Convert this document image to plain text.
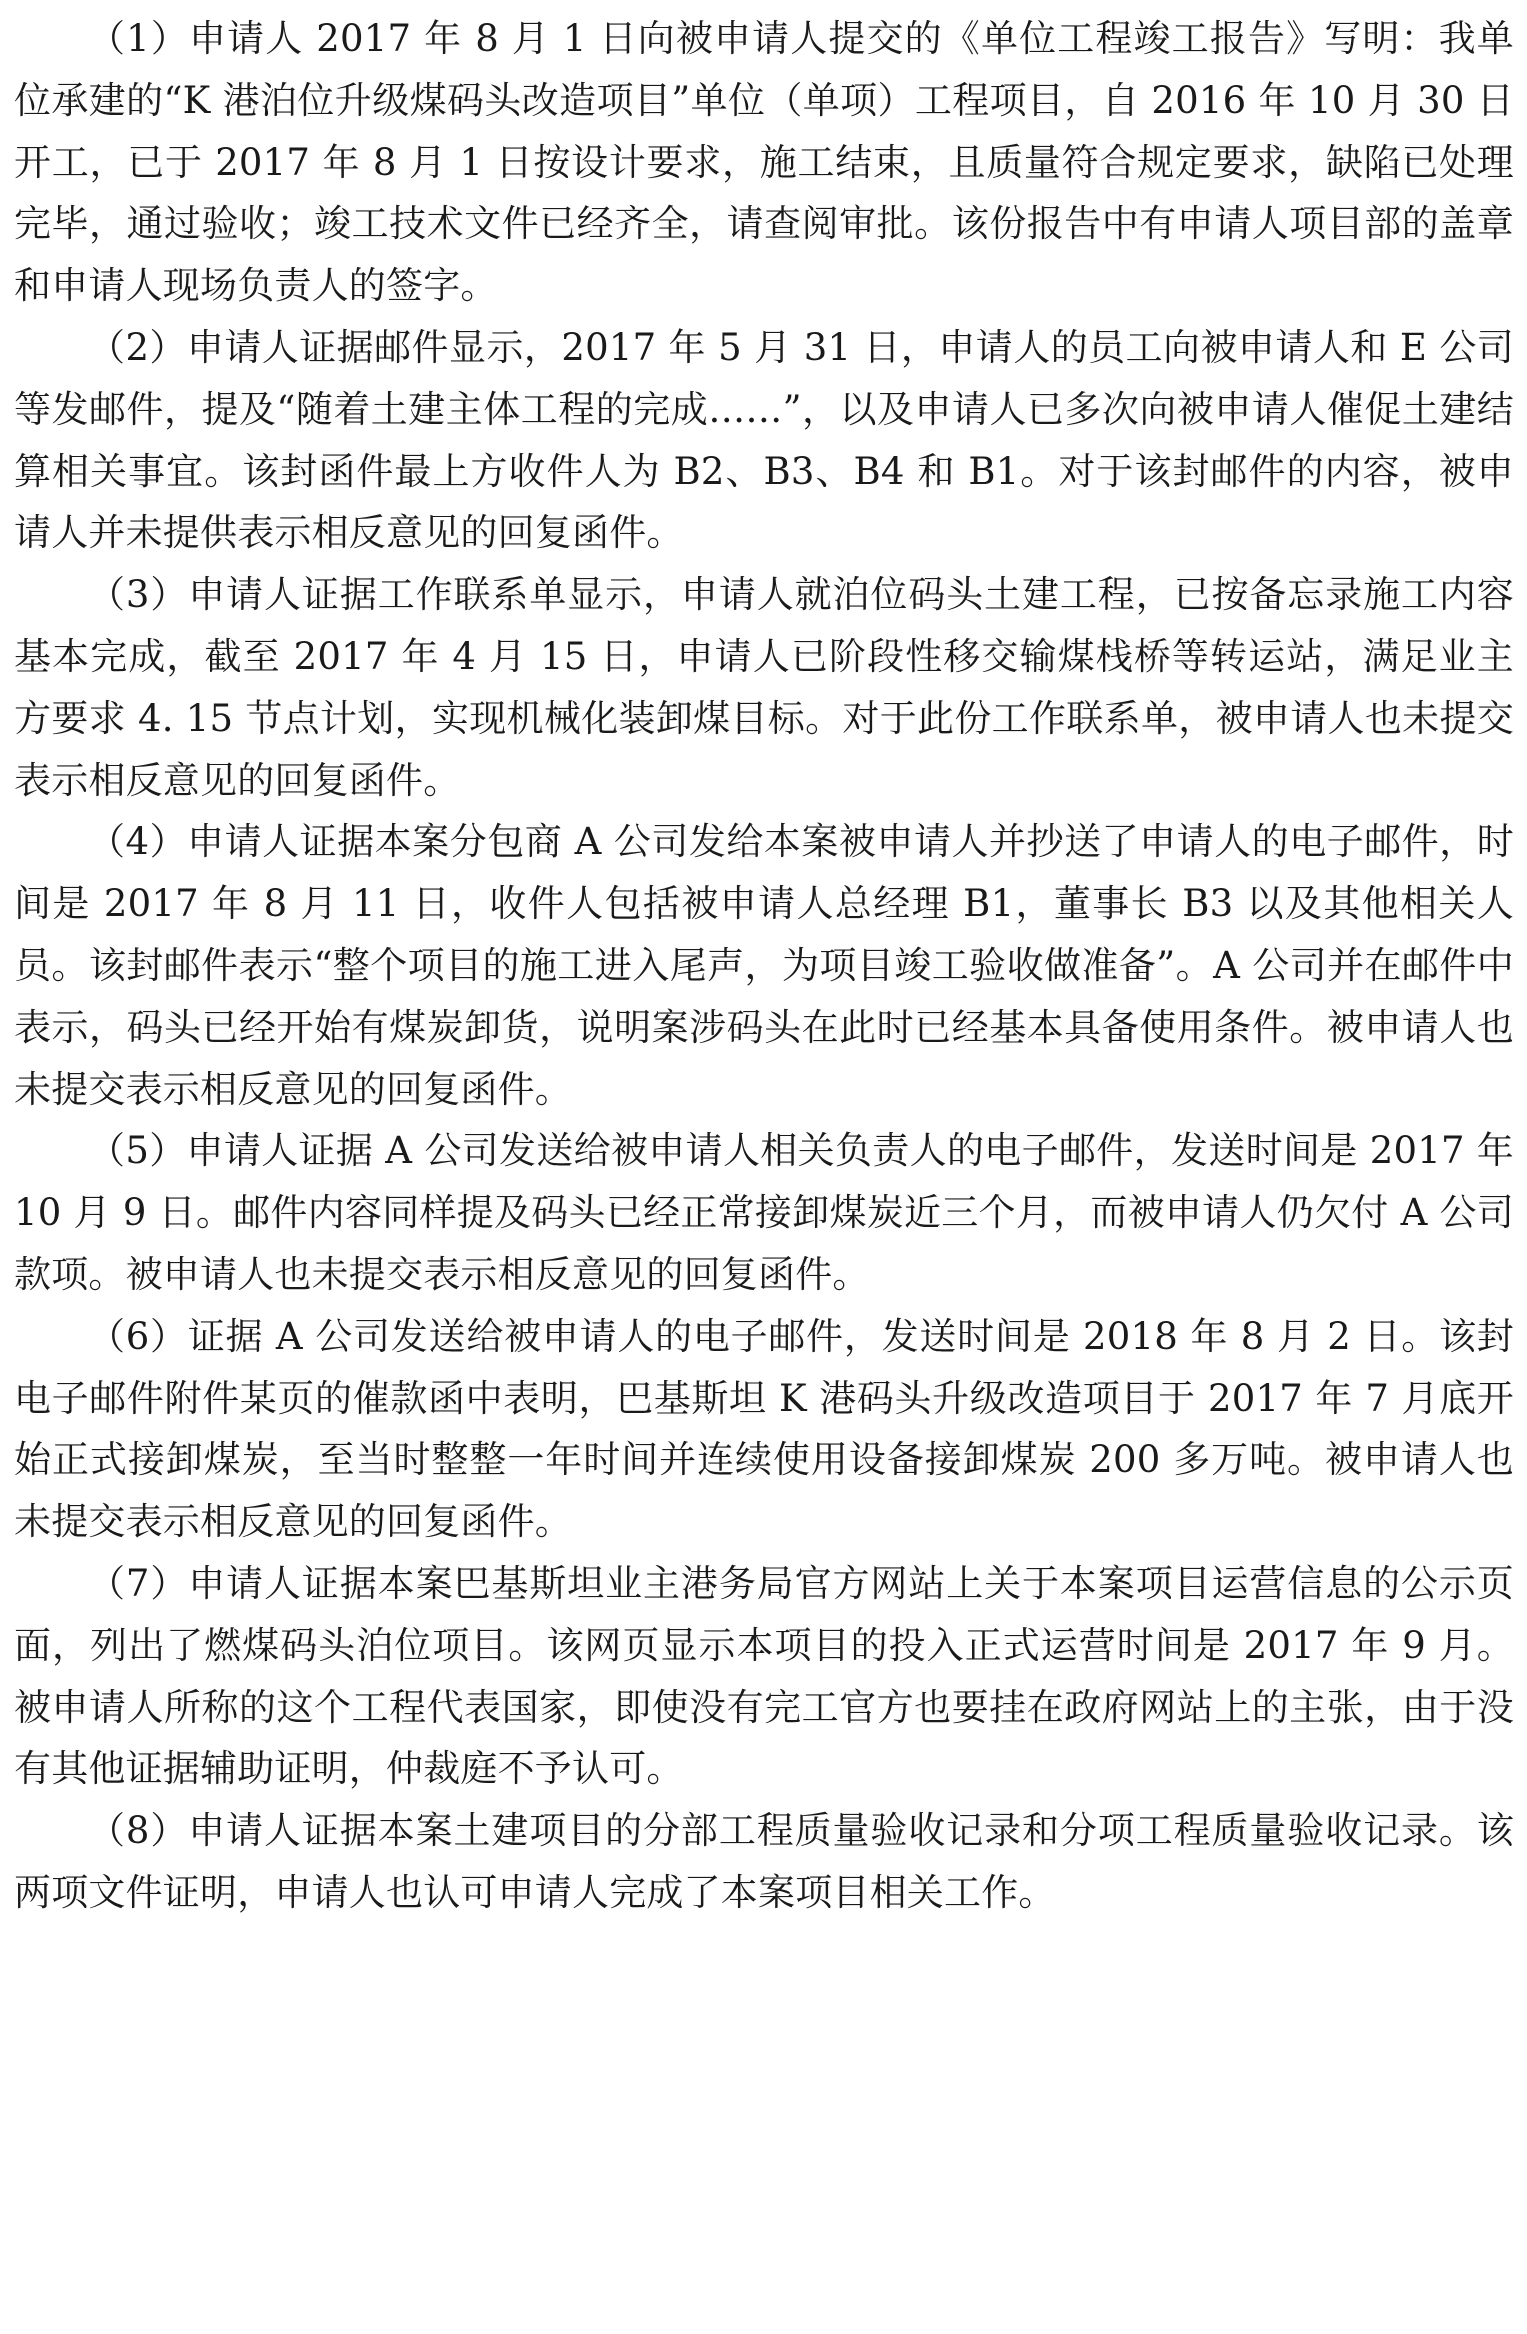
（1）申请人 2017 年 8 月 1 日向被申请人提交的《单位工程竣工报告》写明：我单位承建的“K 港泊位升级煤码头改造项目”单位（单项）工程项目，自 2016 年 10 月 30 日开工，已于 2017 年 8 月 1 日按设计要求，施工结束，且质量符合规定要求，缺陷已处理完毕，通过验收；竣工技术文件已经齐全，请查阅审批。该份报告中有申请人项目部的盖章和申请人现场负责人的签字。

（2）申请人证据邮件显示，2017 年 5 月 31 日，申请人的员工向被申请人和 E 公司等发邮件，提及“随着土建主体工程的完成……”，以及申请人已多次向被申请人催促土建结算相关事宜。该封函件最上方收件人为 B2、B3、B4 和 B1。对于该封邮件的内容，被申请人并未提供表示相反意见的回复函件。

（3）申请人证据工作联系单显示，申请人就泊位码头土建工程，已按备忘录施工内容基本完成，截至 2017 年 4 月 15 日，申请人已阶段性移交输煤栈桥等转运站，满足业主方要求 4. 15 节点计划，实现机械化装卸煤目标。对于此份工作联系单，被申请人也未提交表示相反意见的回复函件。

（4）申请人证据本案分包商 A 公司发给本案被申请人并抄送了申请人的电子邮件，时间是 2017 年 8 月 11 日，收件人包括被申请人总经理 B1，董事长 B3 以及其他相关人员。该封邮件表示“整个项目的施工进入尾声，为项目竣工验收做准备”。A 公司并在邮件中表示，码头已经开始有煤炭卸货，说明案涉码头在此时已经基本具备使用条件。被申请人也未提交表示相反意见的回复函件。

（5）申请人证据 A 公司发送给被申请人相关负责人的电子邮件，发送时间是 2017 年 10 月 9 日。邮件内容同样提及码头已经正常接卸煤炭近三个月，而被申请人仍欠付 A 公司款项。被申请人也未提交表示相反意见的回复函件。

（6）证据 A 公司发送给被申请人的电子邮件，发送时间是 2018 年 8 月 2 日。该封电子邮件附件某页的催款函中表明，巴基斯坦 K 港码头升级改造项目于 2017 年 7 月底开始正式接卸煤炭，至当时整整一年时间并连续使用设备接卸煤炭 200 多万吨。被申请人也未提交表示相反意见的回复函件。

（7）申请人证据本案巴基斯坦业主港务局官方网站上关于本案项目运营信息的公示页面，列出了燃煤码头泊位项目。该网页显示本项目的投入正式运营时间是 2017 年 9 月。被申请人所称的这个工程代表国家，即使没有完工官方也要挂在政府网站上的主张，由于没有其他证据辅助证明，仲裁庭不予认可。

（8）申请人证据本案土建项目的分部工程质量验收记录和分项工程质量验收记录。该两项文件证明，申请人也认可申请人完成了本案项目相关工作。
